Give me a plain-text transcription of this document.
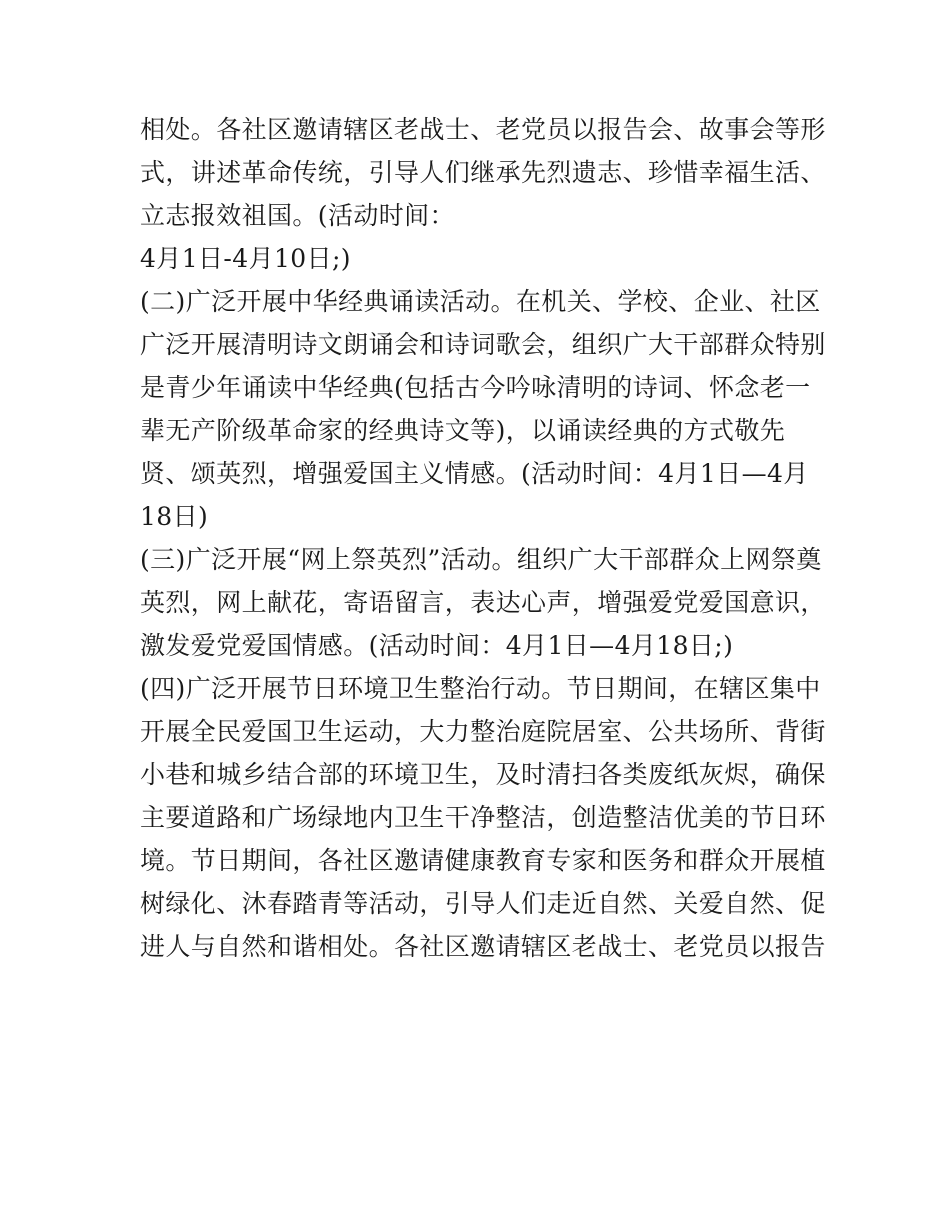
相处。各社区邀请辖区老战士、老党员以报告会、故事会等形
式，讲述革命传统，引导人们继承先烈遗志、珍惜幸福生活、
立志报效祖国。(活动时间：
4月1日-4月10日;)
(二)广泛开展中华经典诵读活动。在机关、学校、企业、社区
广泛开展清明诗文朗诵会和诗词歌会，组织广大干部群众特别
是青少年诵读中华经典(包括古今吟咏清明的诗词、怀念老一
辈无产阶级革命家的经典诗文等)，以诵读经典的方式敬先
贤、颂英烈，增强爱国主义情感。(活动时间：4月1日—4月
18日)
(三)广泛开展“网上祭英烈”活动。组织广大干部群众上网祭奠
英烈，网上献花，寄语留言，表达心声，增强爱党爱国意识，
激发爱党爱国情感。(活动时间：4月1日—4月18日;)
(四)广泛开展节日环境卫生整治行动。节日期间，在辖区集中
开展全民爱国卫生运动，大力整治庭院居室、公共场所、背街
小巷和城乡结合部的环境卫生，及时清扫各类废纸灰烬，确保
主要道路和广场绿地内卫生干净整洁，创造整洁优美的节日环
境。节日期间，各社区邀请健康教育专家和医务和群众开展植
树绿化、沐春踏青等活动，引导人们走近自然、关爱自然、促
进人与自然和谐相处。各社区邀请辖区老战士、老党员以报告
